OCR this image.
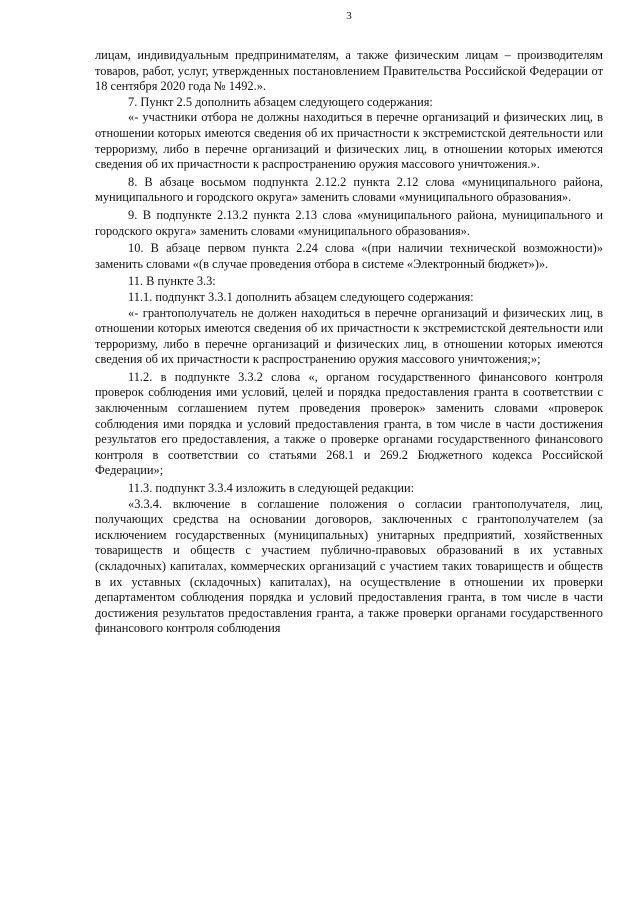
3

лицам, индивидуальным предпринимателям, а также физическим лицам – производителям товаров, работ, услуг, утвержденных постановлением Правительства Российской Федерации от 18 сентября 2020 года № 1492.».

7. Пункт 2.5 дополнить абзацем следующего содержания:

«- участники отбора не должны находиться в перечне организаций и физических лиц, в отношении которых имеются сведения об их причастности к экстремистской деятельности или терроризму, либо в перечне организаций и физических лиц, в отношении которых имеются сведения об их причастности к распространению оружия массового уничтожения.».

8. В абзаце восьмом подпункта 2.12.2 пункта 2.12 слова «муниципального района, муниципального и городского округа» заменить словами «муниципального образования».

9. В подпункте 2.13.2 пункта 2.13 слова «муниципального района, муниципального и городского округа» заменить словами «муниципального образования».

10. В абзаце первом пункта 2.24 слова «(при наличии технической возможности)» заменить словами «(в случае проведения отбора в системе «Электронный бюджет»)».

11. В пункте 3.3:

11.1. подпункт 3.3.1 дополнить абзацем следующего содержания:

«- грантополучатель не должен находиться в перечне организаций и физических лиц, в отношении которых имеются сведения об их причастности к экстремистской деятельности или терроризму, либо в перечне организаций и физических лиц, в отношении которых имеются сведения об их причастности к распространению оружия массового уничтожения;»;

11.2. в подпункте 3.3.2 слова «, органом государственного финансового контроля проверок соблюдения ими условий, целей и порядка предоставления гранта в соответствии с заключенным соглашением путем проведения проверок» заменить словами «проверок соблюдения ими порядка и условий предоставления гранта, в том числе в части достижения результатов его предоставления, а также о проверке органами государственного финансового контроля в соответствии со статьями 268.1 и 269.2 Бюджетного кодекса Российской Федерации»;

11.3. подпункт 3.3.4 изложить в следующей редакции:

«3.3.4. включение в соглашение положения о согласии грантополучателя, лиц, получающих средства на основании договоров, заключенных с грантополучателем (за исключением государственных (муниципальных) унитарных предприятий, хозяйственных товариществ и обществ с участием публично-правовых образований в их уставных (складочных) капиталах, коммерческих организаций с участием таких товариществ и обществ в их уставных (складочных) капиталах), на осуществление в отношении их проверки департаментом соблюдения порядка и условий предоставления гранта, в том числе в части достижения результатов предоставления гранта, а также проверки органами государственного финансового контроля соблюдения
